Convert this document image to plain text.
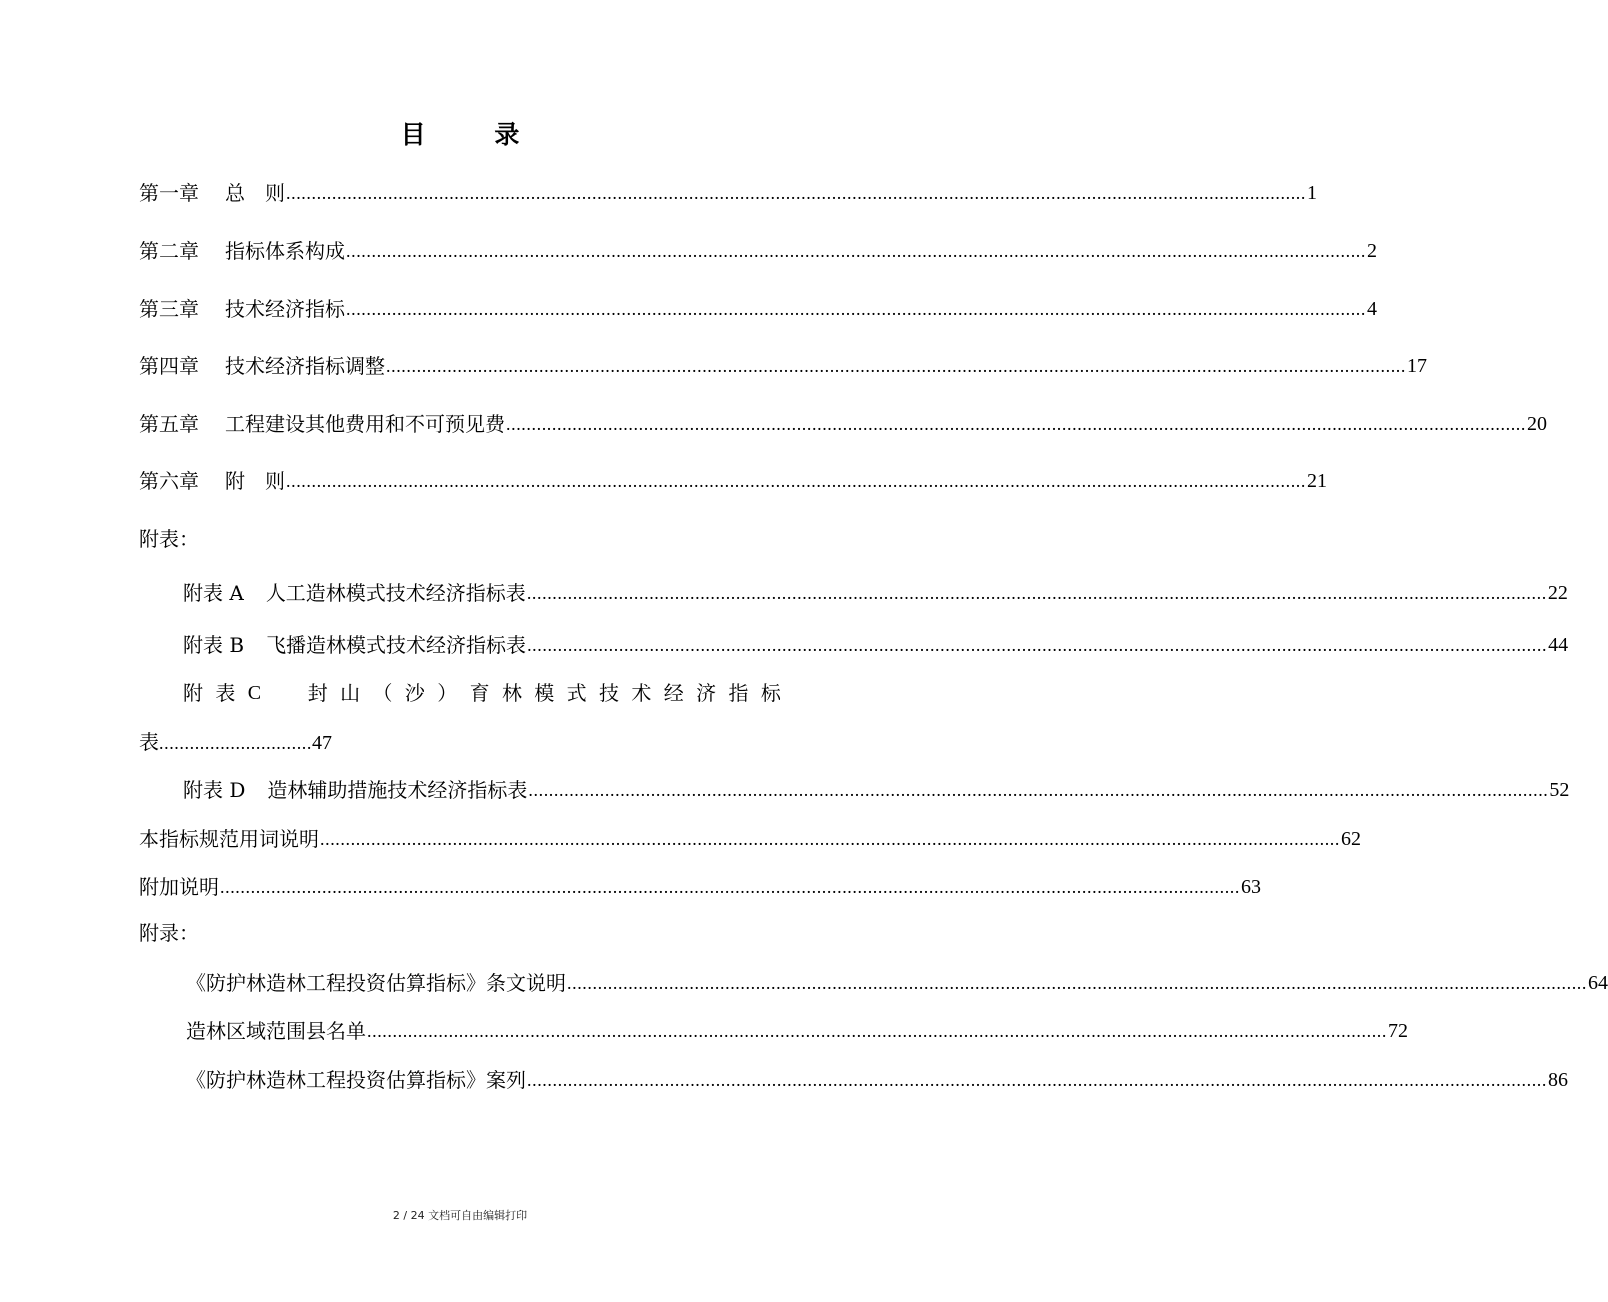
目 录
第一章 总　则 ........................................................................................................................................................................................................ 1
第二章 指标体系构成 ........................................................................................................................................................................................................ 2
第三章 技术经济指标 ........................................................................................................................................................................................................ 4
第四章 技术经济指标调整 ........................................................................................................................................................................................................ 17
第五章 工程建设其他费用和不可预见费 ........................................................................................................................................................................................................ 20
第六章 附　则 ........................................................................................................................................................................................................ 21
附表：
附表 A 人工造林模式技术经济指标表 ........................................................................................................................................................................................................ 22
附表 B 飞播造林模式技术经济指标表 ........................................................................................................................................................................................................ 44
附 表 C 封 山 （ 沙 ） 育 林 模 式 技 术 经 济 指 标
表..............................47
附表 D 造林辅助措施技术经济指标表 ........................................................................................................................................................................................................ 52
本指标规范用词说明 ........................................................................................................................................................................................................ 62
附加说明 ........................................................................................................................................................................................................ 63
附录：
《防护林造林工程投资估算指标》条文说明 ........................................................................................................................................................................................................ 64
造林区域范围县名单 ........................................................................................................................................................................................................ 72
《防护林造林工程投资估算指标》案列 ........................................................................................................................................................................................................ 86
2 / 24 文档可自由编辑打印
